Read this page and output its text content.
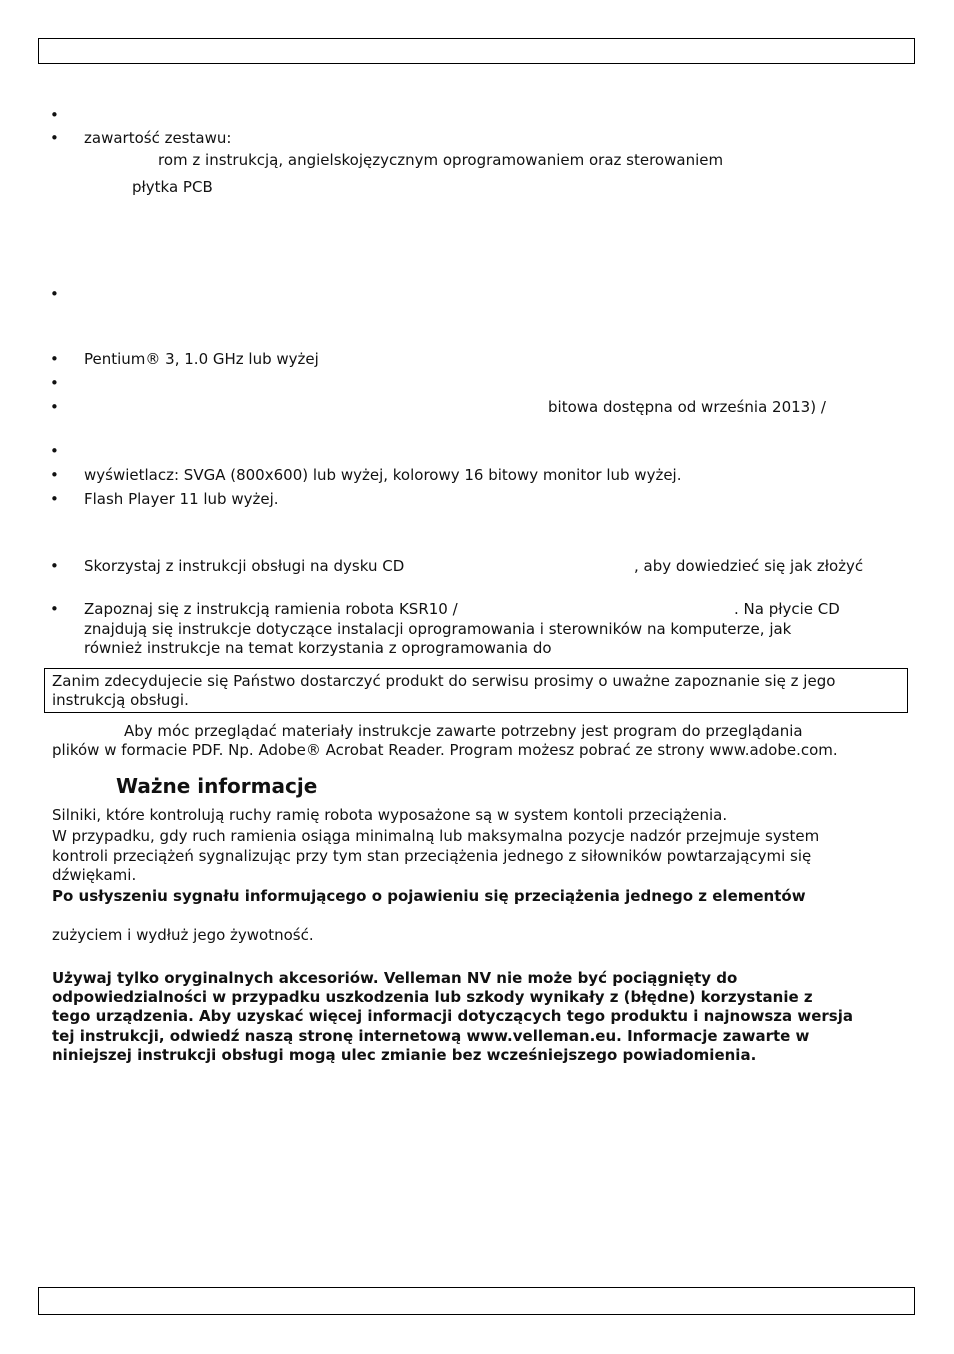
•
•
•
•
•
•
•
•
•
•
•
zawartość zestawu:
rom z instrukcją, angielskojęzycznym oprogramowaniem oraz sterowaniem
płytka PCB
Pentium® 3, 1.0 GHz lub wyżej
bitowa dostępna od września 2013) /
wyświetlacz: SVGA (800x600) lub wyżej, kolorowy 16 bitowy monitor lub wyżej.
Flash Player 11 lub wyżej.
Skorzystaj z instrukcji obsługi na dysku CD	, aby dowiedzieć się jak złożyć
Zapoznaj się z instrukcją ramienia robota KSR10 /	. Na płycie CD
znajdują się instrukcje dotyczące instalacji oprogramowania i sterowników na komputerze, jak
również instrukcje na temat korzystania z oprogramowania do
Zanim zdecydujecie się Państwo dostarczyć produkt do serwisu prosimy o uważne zapoznanie się z jego
instrukcją obsługi.
Aby móc przeglądać materiały instrukcje zawarte potrzebny jest program do przeglądania
plików w formacie PDF. Np. Adobe® Acrobat Reader. Program możesz pobrać ze strony www.adobe.com.
Ważne informacje
Silniki, które kontrolują ruchy ramię robota wyposażone są w system kontoli przeciążenia.
W przypadku, gdy ruch ramienia osiąga minimalną lub maksymalna pozycje nadzór przejmuje system
kontroli przeciążeń sygnalizując przy tym stan przeciążenia jednego z siłowników powtarzającymi się
dźwiękami.
Po usłyszeniu sygnału informującego o pojawieniu się przeciążenia jednego z elementów
zużyciem i wydłuż jego żywotność.
Używaj tylko oryginalnych akcesoriów. Velleman NV nie może być pociągnięty do
odpowiedzialności w przypadku uszkodzenia lub szkody wynikały z (błędne) korzystanie z
tego urządzenia. Aby uzyskać więcej informacji dotyczących tego produktu i najnowsza wersja
tej instrukcji, odwiedź naszą stronę internetową www.velleman.eu. Informacje zawarte w
niniejszej instrukcji obsługi mogą ulec zmianie bez wcześniejszego powiadomienia.
